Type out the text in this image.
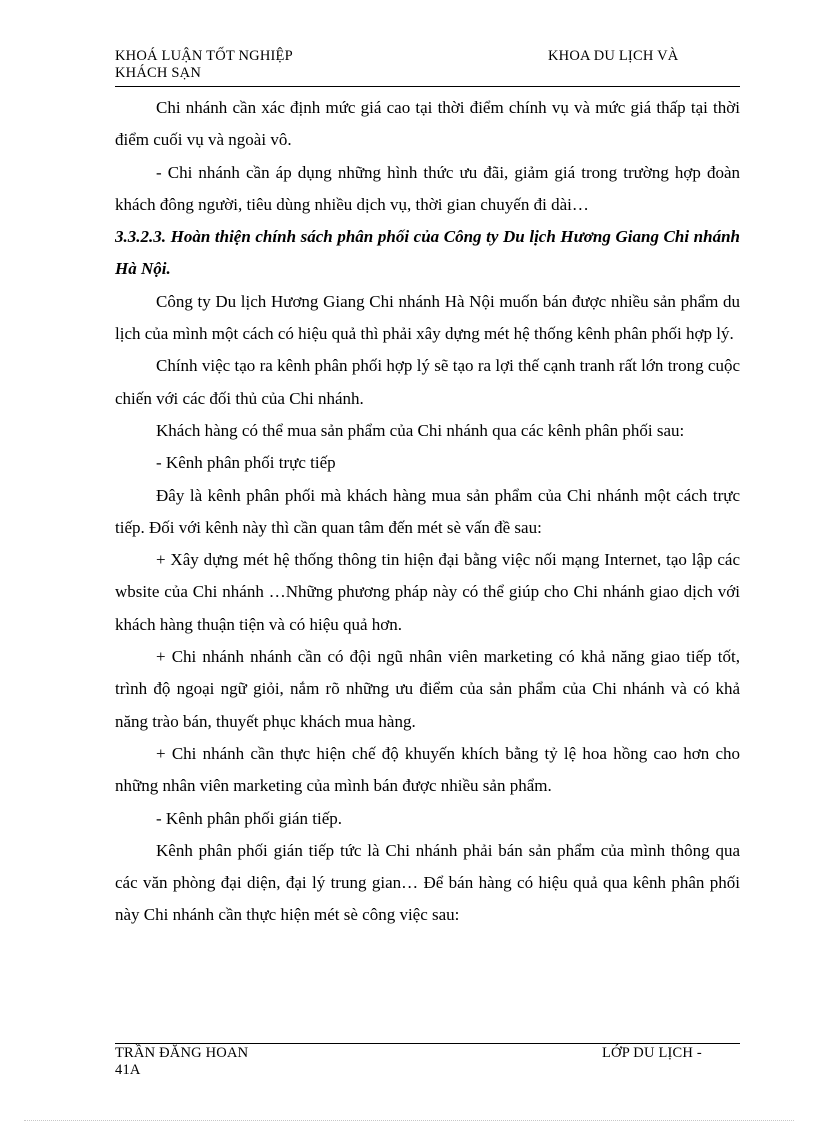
KHOÁ LUẬN TỐT NGHIỆP	KHOA DU LỊCH VÀ
KHÁCH SẠN

Chi nhánh cần xác định mức giá cao tại thời điểm chính vụ và mức giá thấp tại thời điểm cuối vụ và ngoài vô.

- Chi nhánh cần áp dụng những hình thức ưu đãi, giảm giá trong trường hợp đoàn khách đông người, tiêu dùng nhiều dịch vụ, thời gian chuyến đi dài…

3.3.2.3. Hoàn thiện chính sách phân phối của Công ty Du lịch Hương Giang Chi nhánh Hà Nội.

Công ty Du lịch Hương Giang Chi nhánh Hà Nội muốn bán được nhiều sản phẩm du lịch của mình một cách có hiệu quả thì phải xây dựng mét hệ thống kênh phân phối hợp lý.

Chính việc tạo ra kênh phân phối hợp lý sẽ tạo ra lợi thế cạnh tranh rất lớn trong cuộc chiến với các đối thủ của Chi nhánh.

Khách hàng có thể mua sản phẩm của Chi nhánh qua các kênh phân phối sau:

- Kênh phân phối trực tiếp

Đây là kênh phân phối mà khách hàng mua sản phẩm của Chi nhánh một cách trực tiếp. Đối với kênh này thì cần quan tâm đến mét sè vấn đề sau:

+ Xây dựng mét hệ thống thông tin hiện đại bằng việc nối mạng Internet, tạo lập các wbsite của Chi nhánh …Những phương pháp này có thể giúp cho Chi nhánh giao dịch với khách hàng thuận tiện và có hiệu quả hơn.

+ Chi nhánh nhánh cần có đội ngũ nhân viên marketing có khả năng giao tiếp tốt, trình độ ngoại ngữ giỏi, nắm rõ những ưu điểm của sản phẩm của Chi nhánh và có khả năng trào bán, thuyết phục khách mua hàng.

+ Chi nhánh cần thực hiện chế độ khuyến khích bằng tỷ lệ hoa hồng cao hơn cho những nhân viên marketing của mình bán được nhiều sản phẩm.

- Kênh phân phối gián tiếp.

Kênh phân phối gián tiếp tức là Chi nhánh phải bán sản phẩm của mình thông qua các văn phòng đại diện, đại lý trung gian… Để bán hàng có hiệu quả qua kênh phân phối này Chi nhánh cần thực hiện mét sè công việc sau:

TRẦN ĐĂNG HOAN	LỚP DU LỊCH -
41A
